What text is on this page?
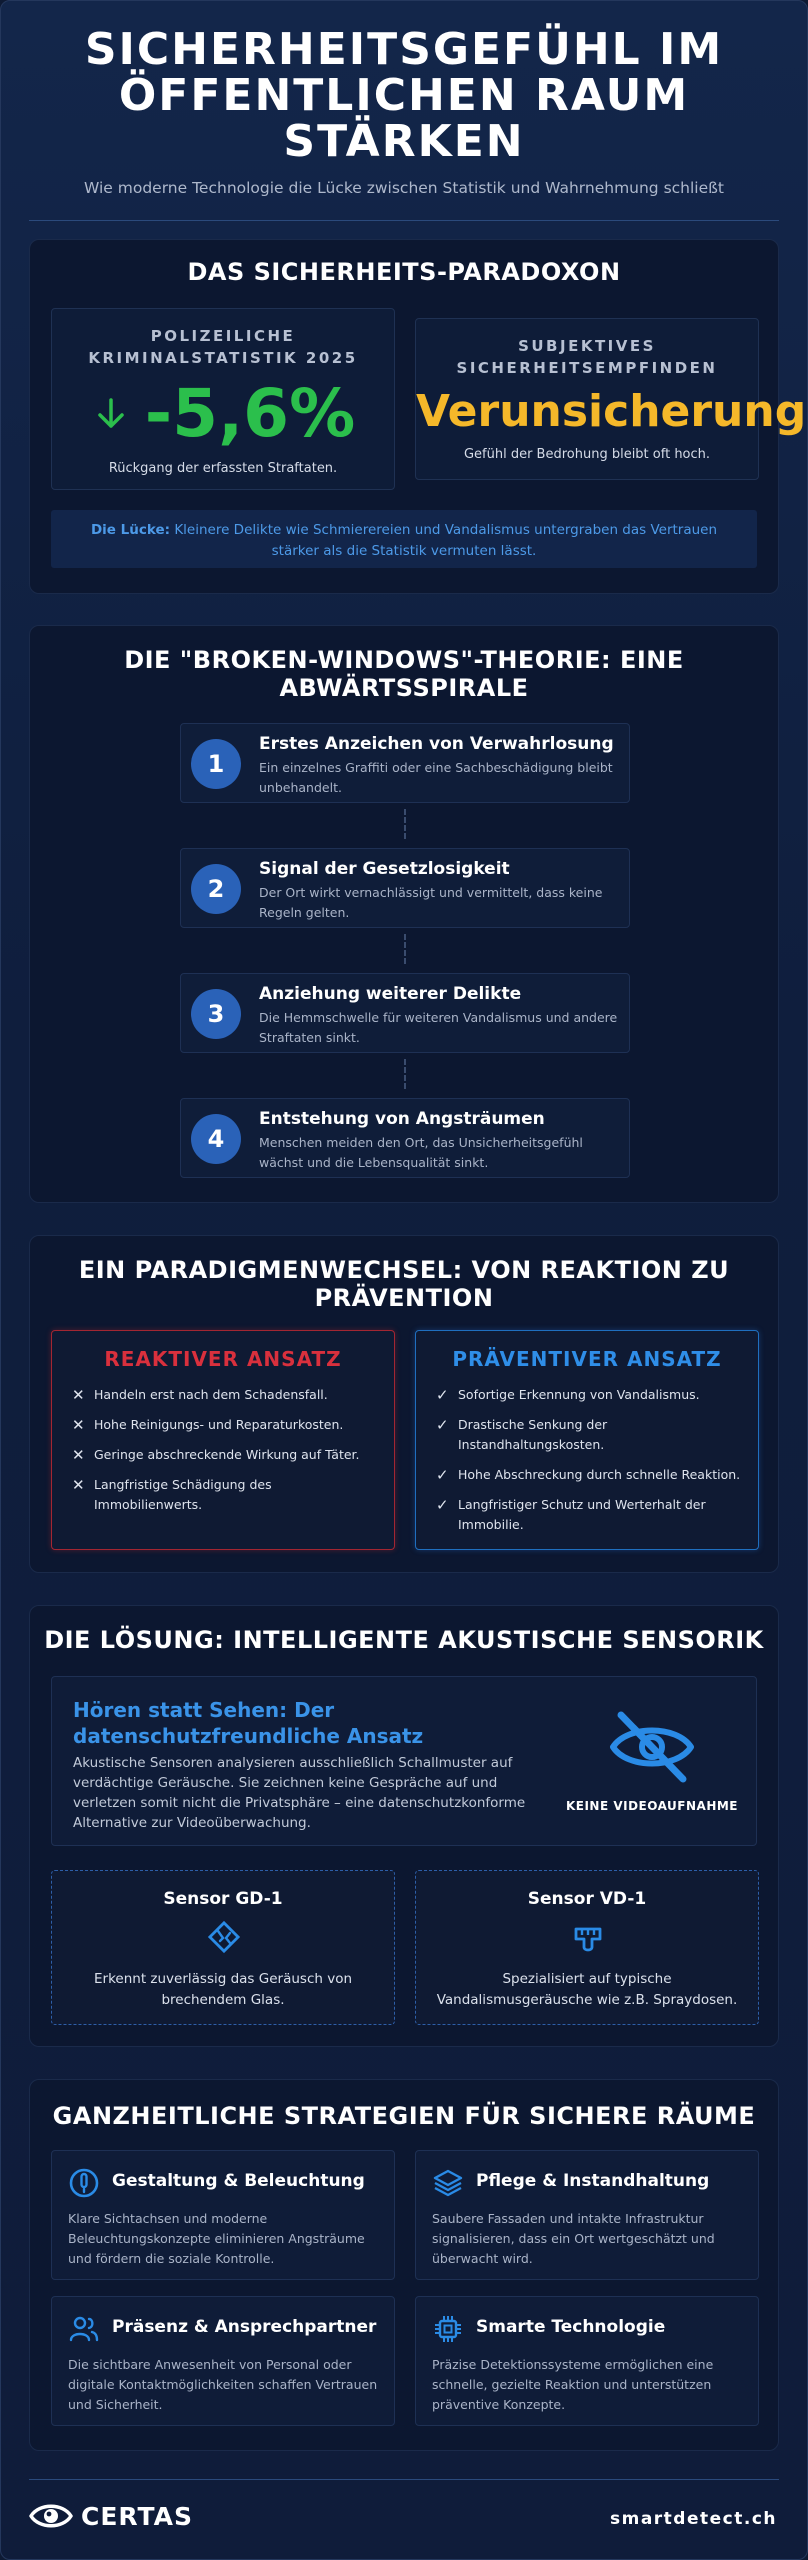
SICHERHEITSGEFÜHL IM ÖFFENTLICHEN RAUM STÄRKEN
Wie moderne Technologie die Lücke zwischen Statistik und Wahrnehmung schließt
DAS SICHERHEITS-PARADOXON
POLIZEILICHE KRIMINALSTATISTIK 2025
-5,6%
Rückgang der erfassten Straftaten.
SUBJEKTIVES SICHERHEITSEMPFINDEN
Verunsicherung
Gefühl der Bedrohung bleibt oft hoch.
Die Lücke: Kleinere Delikte wie Schmierereien und Vandalismus untergraben das Vertrauen stärker als die Statistik vermuten lässt.
DIE "BROKEN-WINDOWS"-THEORIE: EINE ABWÄRTSSPIRALE
1
Erstes Anzeichen von Verwahrlosung
Ein einzelnes Graffiti oder eine Sachbeschädigung bleibt unbehandelt.
2
Signal der Gesetzlosigkeit
Der Ort wirkt vernachlässigt und vermittelt, dass keine Regeln gelten.
3
Anziehung weiterer Delikte
Die Hemmschwelle für weiteren Vandalismus und andere Straftaten sinkt.
4
Entstehung von Angsträumen
Menschen meiden den Ort, das Unsicherheitsgefühl wächst und die Lebensqualität sinkt.
EIN PARADIGMENWECHSEL: VON REAKTION ZU PRÄVENTION
REAKTIVER ANSATZ
✕ Handeln erst nach dem Schadensfall.
✕ Hohe Reinigungs- und Reparaturkosten.
✕ Geringe abschreckende Wirkung auf Täter.
✕ Langfristige Schädigung des Immobilienwerts.
PRÄVENTIVER ANSATZ
✓ Sofortige Erkennung von Vandalismus.
✓ Drastische Senkung der Instandhaltungskosten.
✓ Hohe Abschreckung durch schnelle Reaktion.
✓ Langfristiger Schutz und Werterhalt der Immobilie.
DIE LÖSUNG: INTELLIGENTE AKUSTISCHE SENSORIK
Hören statt Sehen: Der datenschutzfreundliche Ansatz
Akustische Sensoren analysieren ausschließlich Schallmuster auf verdächtige Geräusche. Sie zeichnen keine Gespräche auf und verletzen somit nicht die Privatsphäre – eine datenschutzkonforme Alternative zur Videoüberwachung.
KEINE VIDEOAUFNAHME
Sensor GD-1
Erkennt zuverlässig das Geräusch von brechendem Glas.
Sensor VD-1
Spezialisiert auf typische Vandalismusgeräusche wie z.B. Spraydosen.
GANZHEITLICHE STRATEGIEN FÜR SICHERE RÄUME
Gestaltung & Beleuchtung
Klare Sichtachsen und moderne Beleuchtungskonzepte eliminieren Angsträume und fördern die soziale Kontrolle.
Pflege & Instandhaltung
Saubere Fassaden und intakte Infrastruktur signalisieren, dass ein Ort wertgeschätzt und überwacht wird.
Präsenz & Ansprechpartner
Die sichtbare Anwesenheit von Personal oder digitale Kontaktmöglichkeiten schaffen Vertrauen und Sicherheit.
Smarte Technologie
Präzise Detektionssysteme ermöglichen eine schnelle, gezielte Reaktion und unterstützen präventive Konzepte.
CERTAS	smartdetect.ch
